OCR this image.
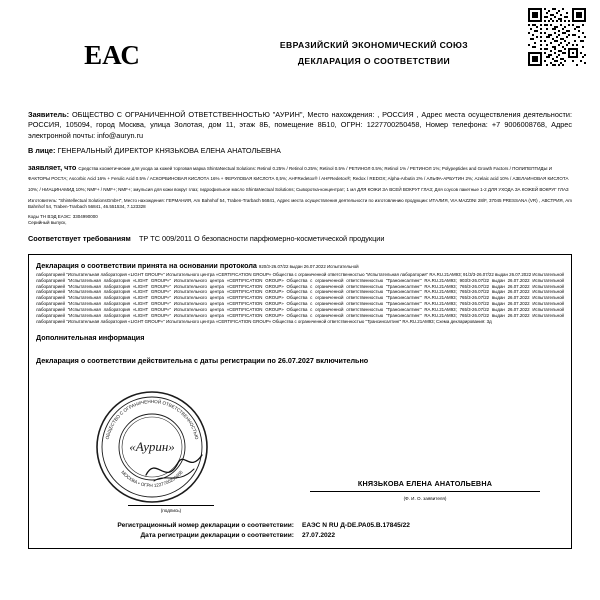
ЕАС	ЕВРАЗИЙСКИЙ ЭКОНОМИЧЕСКИЙ СОЮЗ
ДЕКЛАРАЦИЯ О СООТВЕТСТВИИ
Заявитель: ОБЩЕСТВО С ОГРАНИЧЕННОЙ ОТВЕТСТВЕННОСТЬЮ "АУРИН", Место нахождения: , РОССИЯ , Адрес места осуществления деятельности: РОССИЯ, 105094, город Москва, улица Золотая, дом 11, этаж 8Б, помещение 8Б10, ОГРН: 1227700250458, Номер телефона: +7 9006008768, Адрес электронной почты: info@auryn.ru
В лице: ГЕНЕРАЛЬНЫЙ ДИРЕКТОР КНЯЗЬКОВА ЕЛЕНА АНАТОЛЬЕВНА
заявляет, что Средства косметические для ухода за кожей торговая марка ShintaNectual Solutions: Retinol 0.25% / Retinol 0.25%; Retinol 0.5% / РЕТИНОЛ 0.5%; Retinol 1% / РЕТИНОЛ 1%; Polypeptides and Growth Factors / ПОЛИПЕПТИДЫ И ФАКТОРЫ РОСТА; Ascorbic Acid 16% + Ferulic Acid 0.5% / АСКОРБИНОВАЯ КИСЛОТА 16% + ФЕРУЛОВАЯ КИСЛОТА 0,5%; AHFRedetox® / AHFRedetox®; Redox / REDOX; Alpha-Arbutin 2% / АЛЬФА-АРБУТИН 2%; Azelaic acid 10% / АЗЕЛАИНОВАЯ КИСЛОТА 10%; / НИАЦИНАМИД 10%; NMF+ / NMF+; NMF+; эмульсия для кожи вокруг глаз; гидрофильное масло ShintaNectual Solutions; Сыворотка-концентрат; 1 мл ДЛЯ КОЖИ ЗА ВСЕЙ ВОКРУГ ГЛАЗ; Для соусов пакетные 1-2 ДЛЯ УХОДА ЗА КОЖЕЙ ВОКРУГ ГЛАЗ
Изготовитель: "Shintellectual SolutionsGmbH", Место нахождения: ГЕРМАНИЯ, Am Bahnhof 54, Traben-Trarbach 56841, Адрес места осуществления деятельности по изготовлению продукции: ИТАЛИЯ, VIA MAZZINI 28/F, 37045 PRESSANA (VR) , АВСТРИЯ, Am Bahnhof 54, Traben-Trarbach 56841, 46.551534, 7.123328
Коды ТН ВЭД ЕАЭС: 3304990000
Серийный выпуск,
Соответствует требованиям ТР ТС 009/2011 О безопасности парфюмерно-косметической продукции
Декларация о соответствии принята на основании протокола 920/3-26.07/22 выдан 26.07.2022 Испытательной
лабораторией "Испытательная лаборатория «LIGHT GROUP»" Испытательного центра «CERTIFICATION GROUP» Общества с ограниченной ответственностью "Испытательная лаборатория" RA.RU.21AM93; 91/3/3-26.07/22 выдан 26.07.2022 Испытательной лабораторией "Испытательная лаборатория «LIGHT GROUP»" Испытательного центра «CERTIFICATION GROUP» Общества с ограниченной ответственностью "Трансинсалтинг" RA.RU.21AM93; 903/3-26.07/22 выдан 26.07.2022 Испытательной лабораторией "Испытательная лаборатория «LIGHT GROUP»" Испытательного центра «CERTIFICATION GROUP» Общества с ограниченной ответственностью "Трансинсалтинг" RA.RU.21AM93; 765/3-26.07/22 выдан 26.07.2022 Испытательной лабораторией "Испытательная лаборатория «LIGHT GROUP»" Испытательного центра «CERTIFICATION GROUP» Общества с ограниченной ответственностью "Трансинсалтинг" RA.RU.21AM93; 765/3-26.07/22 выдан 26.07.2022 Испытательной лабораторией "Испытательная лаборатория «LIGHT GROUP»" Испытательного центра «CERTIFICATION GROUP» Общества с ограниченной ответственностью "Трансинсалтинг" RA.RU.21AM93; 765/3-26.07/22 выдан 26.07.2022 Испытательной лабораторией "Испытательная лаборатория «LIGHT GROUP»" Испытательного центра «CERTIFICATION GROUP» Общества с ограниченной ответственностью "Трансинсалтинг" RA.RU.21AM93; 765/3-26.07/22 выдан 26.07.2022 Испытательной лабораторией "Испытательная лаборатория «LIGHT GROUP»" Испытательного центра «CERTIFICATION GROUP» Общества с ограниченной ответственностью "Трансинсалтинг" RA.RU.21AM93; 765/3-26.07/22 выдан 26.07.2022 Испытательной лабораторией "Испытательная лаборатория «LIGHT GROUP»" Испытательного центра «CERTIFICATION GROUP» Общества с ограниченной ответственностью "Трансинсалтинг" RA.RU.21AM93; 765/3-26.07/22 выдан 26.07.2022 Испытательной лабораторией "Испытательная лаборатория «LIGHT GROUP»" Испытательного центра «CERTIFICATION GROUP» Общества с ограниченной ответственностью "Трансинсалтинг" RA.RU.21AM93; Схема декларирования: 3д
Дополнительная информация
Декларация о соответствии действительна с даты регистрации по 26.07.2027 включительно
ОБЩЕСТВО С ОГРАНИЧЕННОЙ ОТВЕТСТВЕННОСТЬЮ
МОСКВА • ОГРН 1227700250458
«Аурин»
(подпись)
КНЯЗЬКОВА ЕЛЕНА АНАТОЛЬЕВНА
(Ф. И. О. заявителя)
Регистрационный номер декларации о соответствии:	ЕАЭС N RU Д-DE.РА05.В.17845/22
Дата регистрации декларации о соответствии:	27.07.2022
